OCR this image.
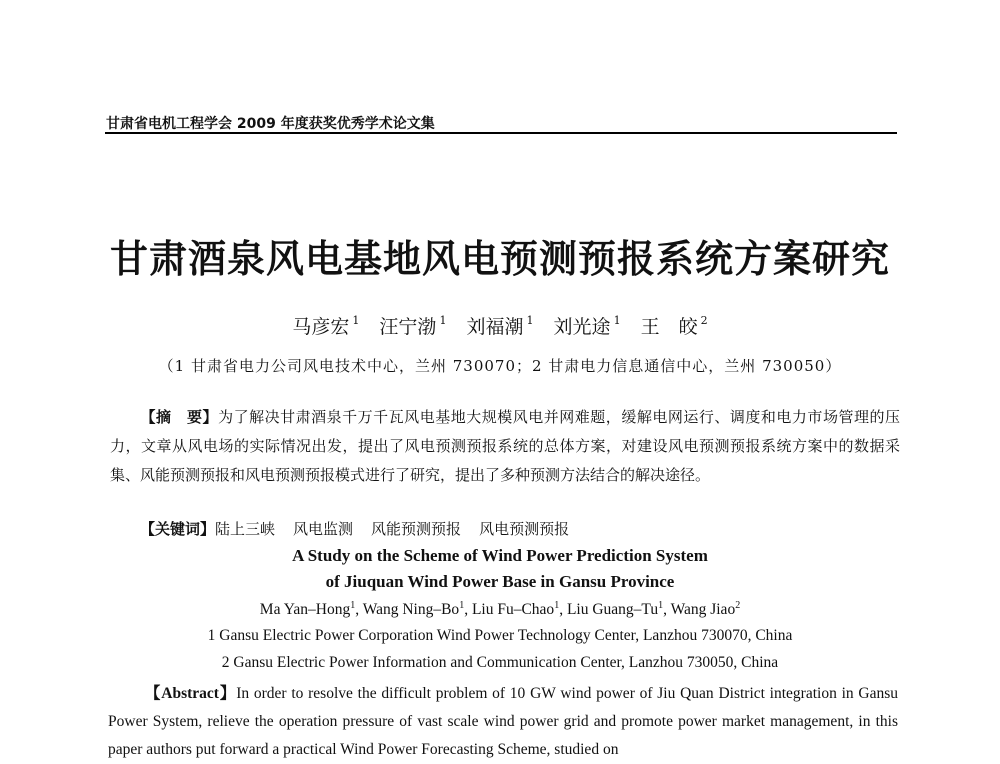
甘肃省电机工程学会 2009 年度获奖优秀学术论文集
甘肃酒泉风电基地风电预测预报系统方案研究
马彦宏 $^1$ 汪宁渤 $^1$ 刘福潮 $^1$ 刘光途 $^1$ 王　皎 $^2$
（1 甘肃省电力公司风电技术中心，兰州 730070；2 甘肃电力信息通信中心，兰州 730050）
【摘　要】为了解决甘肃酒泉千万千瓦风电基地大规模风电并网难题，缓解电网运行、调度和电力市场管理的压力，文章从风电场的实际情况出发，提出了风电预测预报系统的总体方案，对建设风电预测预报系统方案中的数据采集、风能预测预报和风电预测预报模式进行了研究，提出了多种预测方法结合的解决途径。
【关键词】陆上三峡 风电监测 风能预测预报 风电预测预报
A Study on the Scheme of Wind Power Prediction System
of Jiuquan Wind Power Base in Gansu Province
Ma Yan–Hong$^1$, Wang Ning–Bo$^1$, Liu Fu–Chao$^1$, Liu Guang–Tu$^1$, Wang Jiao$^2$
1 Gansu Electric Power Corporation Wind Power Technology Center, Lanzhou 730070, China
2 Gansu Electric Power Information and Communication Center, Lanzhou 730050, China
【Abstract】In order to resolve the difficult problem of 10 GW wind power of Jiu Quan District integration in Gansu Power System, relieve the operation pressure of vast scale wind power grid and promote power market management, in this paper authors put forward a practical Wind Power Forecasting Scheme, studied on
